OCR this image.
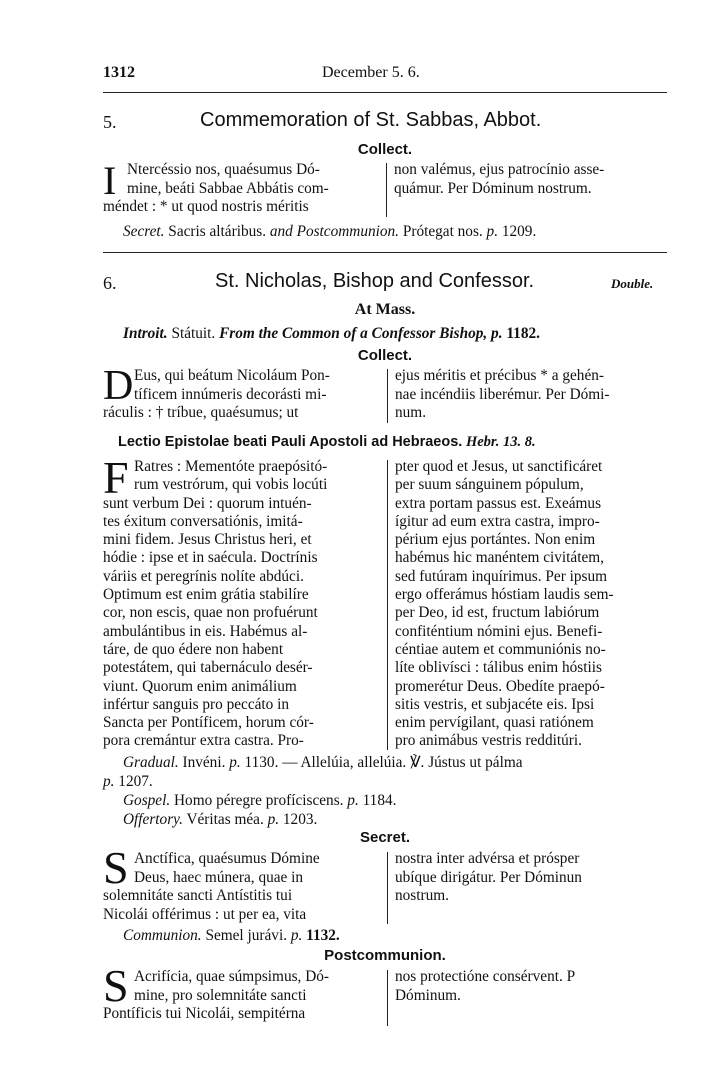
1312	December 5. 6.
5.	Commemoration of St. Sabbas, Abbot.
Collect.
I Ntercéssio nos, quaésumus Dó-
mine, beáti Sabbae Abbátis com-
méndet : * ut quod nostris méritis
non valémus, ejus patrocínio asse-
quámur. Per Dóminum nostrum.
Secret. Sacris altáribus. and Postcommunion. Prótegat nos. p. 1209.
6.	St. Nicholas, Bishop and Confessor.	Double.
At Mass.
Introit. Státuit. From the Common of a Confessor Bishop, p. 1182.
Collect.
D Eus, qui beátum Nicoláum Pon-
tíficem innúmeris decorásti mi-
ráculis : † tríbue, quaésumus; ut
ejus méritis et précibus * a gehén-
nae incéndiis liberémur. Per Dómi-
num.
Lectio Epistolae beati Pauli Apostoli ad Hebraeos. Hebr. 13. 8.
F Ratres : Mementóte praepósitó-
rum vestrórum, qui vobis locúti
sunt verbum Dei : quorum intuén-
tes éxitum conversatiónis, imitá-
mini fidem. Jesus Christus heri, et
hódie : ipse et in saécula. Doctrínis
váriis et peregrínis nolíte abdúci.
Optimum est enim grátia stabilíre
cor, non escis, quae non profuérunt
ambulántibus in eis. Habémus al-
táre, de quo édere non habent
potestátem, qui tabernáculo desér-
viunt. Quorum enim animálium
infértur sanguis pro peccáto in
Sancta per Pontíficem, horum cór-
pora cremántur extra castra. Pro-
pter quod et Jesus, ut sanctificáret
per suum sánguinem pópulum,
extra portam passus est. Exeámus
ígitur ad eum extra castra, impro-
périum ejus portántes. Non enim
habémus hic manéntem civitátem,
sed futúram inquírimus. Per ipsum
ergo offerámus hóstiam laudis sem-
per Deo, id est, fructum labiórum
confiténtium nómini ejus. Benefi-
céntiae autem et communiónis no-
líte oblivísci : tálibus enim hóstiis
promerétur Deus. Obedíte praepó-
sitis vestris, et subjacéte eis. Ipsi
enim pervígilant, quasi ratiónem
pro animábus vestris redditúri.
Gradual. Invéni. p. 1130. — Allelúia, allelúia. ℣. Jústus ut pálma
p. 1207.
Gospel. Homo péregre profíciscens. p. 1184.
Offertory. Véritas méa. p. 1203.
Secret.
S Anctífica, quaésumus Dómine
Deus, haec múnera, quae in
solemnitáte sancti Antístitis tui
Nicolái offérimus : ut per ea, vita
nostra inter advérsa et prósper
ubíque dirigátur. Per Dóminun
nostrum.
Communion. Semel jurávi. p. 1132.
Postcommunion.
S Acrifícia, quae súmpsimus, Dó-
mine, pro solemnitáte sancti
Pontíficis tui Nicolái, sempitérna
nos protectióne consérvent. P
Dóminum.
